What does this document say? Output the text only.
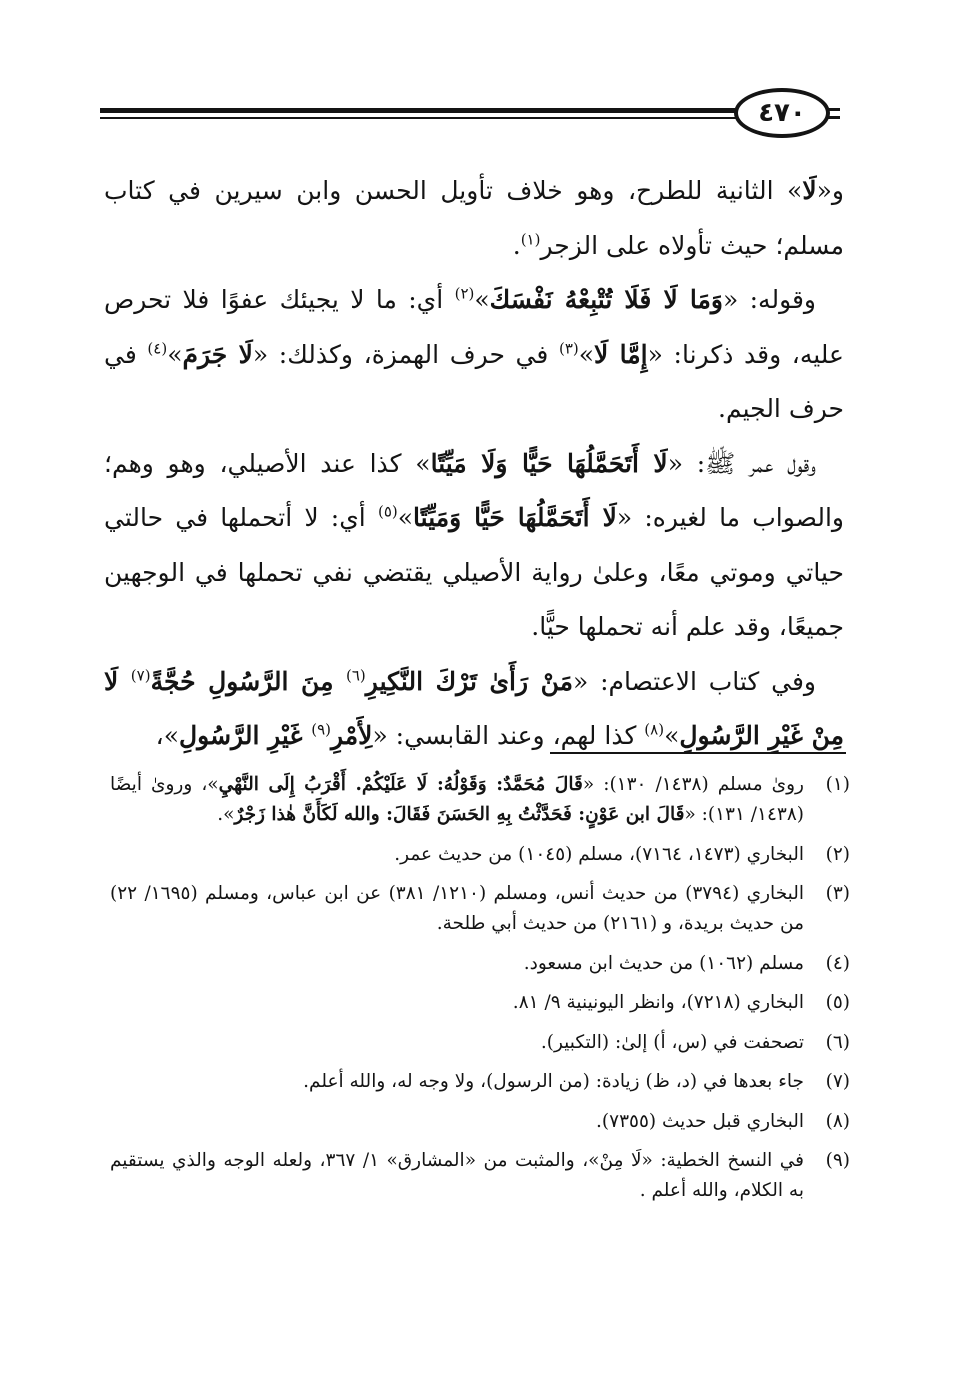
٤٧٠

و«لَا» الثانية للطرح، وهو خلاف تأويل الحسن وابن سيرين في كتاب مسلم؛ حيث تأولاه على الزجر$^{(١)}$.

وقوله: «وَمَا لَا فَلَا تُتْبِعْهُ نَفْسَكَ»$^{(٢)}$ أي: ما لا يجيئك عفوًا فلا تحرص عليه، وقد ذكرنا: «إِمَّا لَا»$^{(٣)}$ في حرف الهمزة، وكذلك: «لَا جَرَمَ»$^{(٤)}$ في حرف الجيم.

وقول عمر ﷺ: «لَا أَتَحَمَّلُهَا حَيًّا وَلَا مَيِّتًا» كذا عند الأصيلي، وهو وهم؛ والصواب ما لغيره: «لَا أَتَحَمَّلُهَا حَيًّا وَمَيِّتًا»$^{(٥)}$ أي: لا أتحملها في حالتي حياتي وموتي معًا، وعلىٰ رواية الأصيلي يقتضي نفي تحملها في الوجهين جميعًا، وقد علم أنه تحملها حيًّا.

وفي كتاب الاعتصام: «مَنْ رَأَىٰ تَرْكَ النَّكِيرِ$^{(٦)}$ مِنَ الرَّسُولِ حُجَّةً$^{(٧)}$ لَا مِنْ غَيْرِ الرَّسُولِ»$^{(٨)}$ كذا لهم، وعند القابسي: «لِأَمْرِ$^{(٩)}$ غَيْرِ الرَّسُولِ»،

(١)
روىٰ مسلم (١٤٣٨/ ١٣٠): «قَالَ مُحَمَّدٌ: وَقَوْلُهُ: لَا عَلَيْكُمْ. أَقْرَبُ إِلَى النَّهْيِ»، وروىٰ أيضًا (١٤٣٨/ ١٣١): «قَالَ ابن عَوْنٍ: فَحَدَّثْتُ بِهِ الحَسَنَ فَقَالَ: والله لَكَأَنَّ هٰذا زَجْرٌ».
(٢)
البخاري (١٤٧٣، ٧١٦٤)، مسلم (١٠٤٥) من حديث عمر.
(٣)
البخاري (٣٧٩٤) من حديث أنس، ومسلم (١٢١٠/ ٣٨١) عن ابن عباس، ومسلم (١٦٩٥/ ٢٢) من حديث بريدة، و (٢١٦١) من حديث أبي طلحة.
(٤)
مسلم (١٠٦٢) من حديث ابن مسعود.
(٥)
البخاري (٧٢١٨)، وانظر اليونينية ٩/ ٨١.
(٦)
تصحفت في (س، أ) إلىٰ: (التكبير).
(٧)
جاء بعدها في (د، ظ) زيادة: (من الرسول)، ولا وجه له، والله أعلم.
(٨)
البخاري قبل حديث (٧٣٥٥).
(٩)
في النسخ الخطية: «لَا مِنْ»، والمثبت من «المشارق» ١/ ٣٦٧، ولعله الوجه والذي يستقيم به الكلام، والله أعلم .
